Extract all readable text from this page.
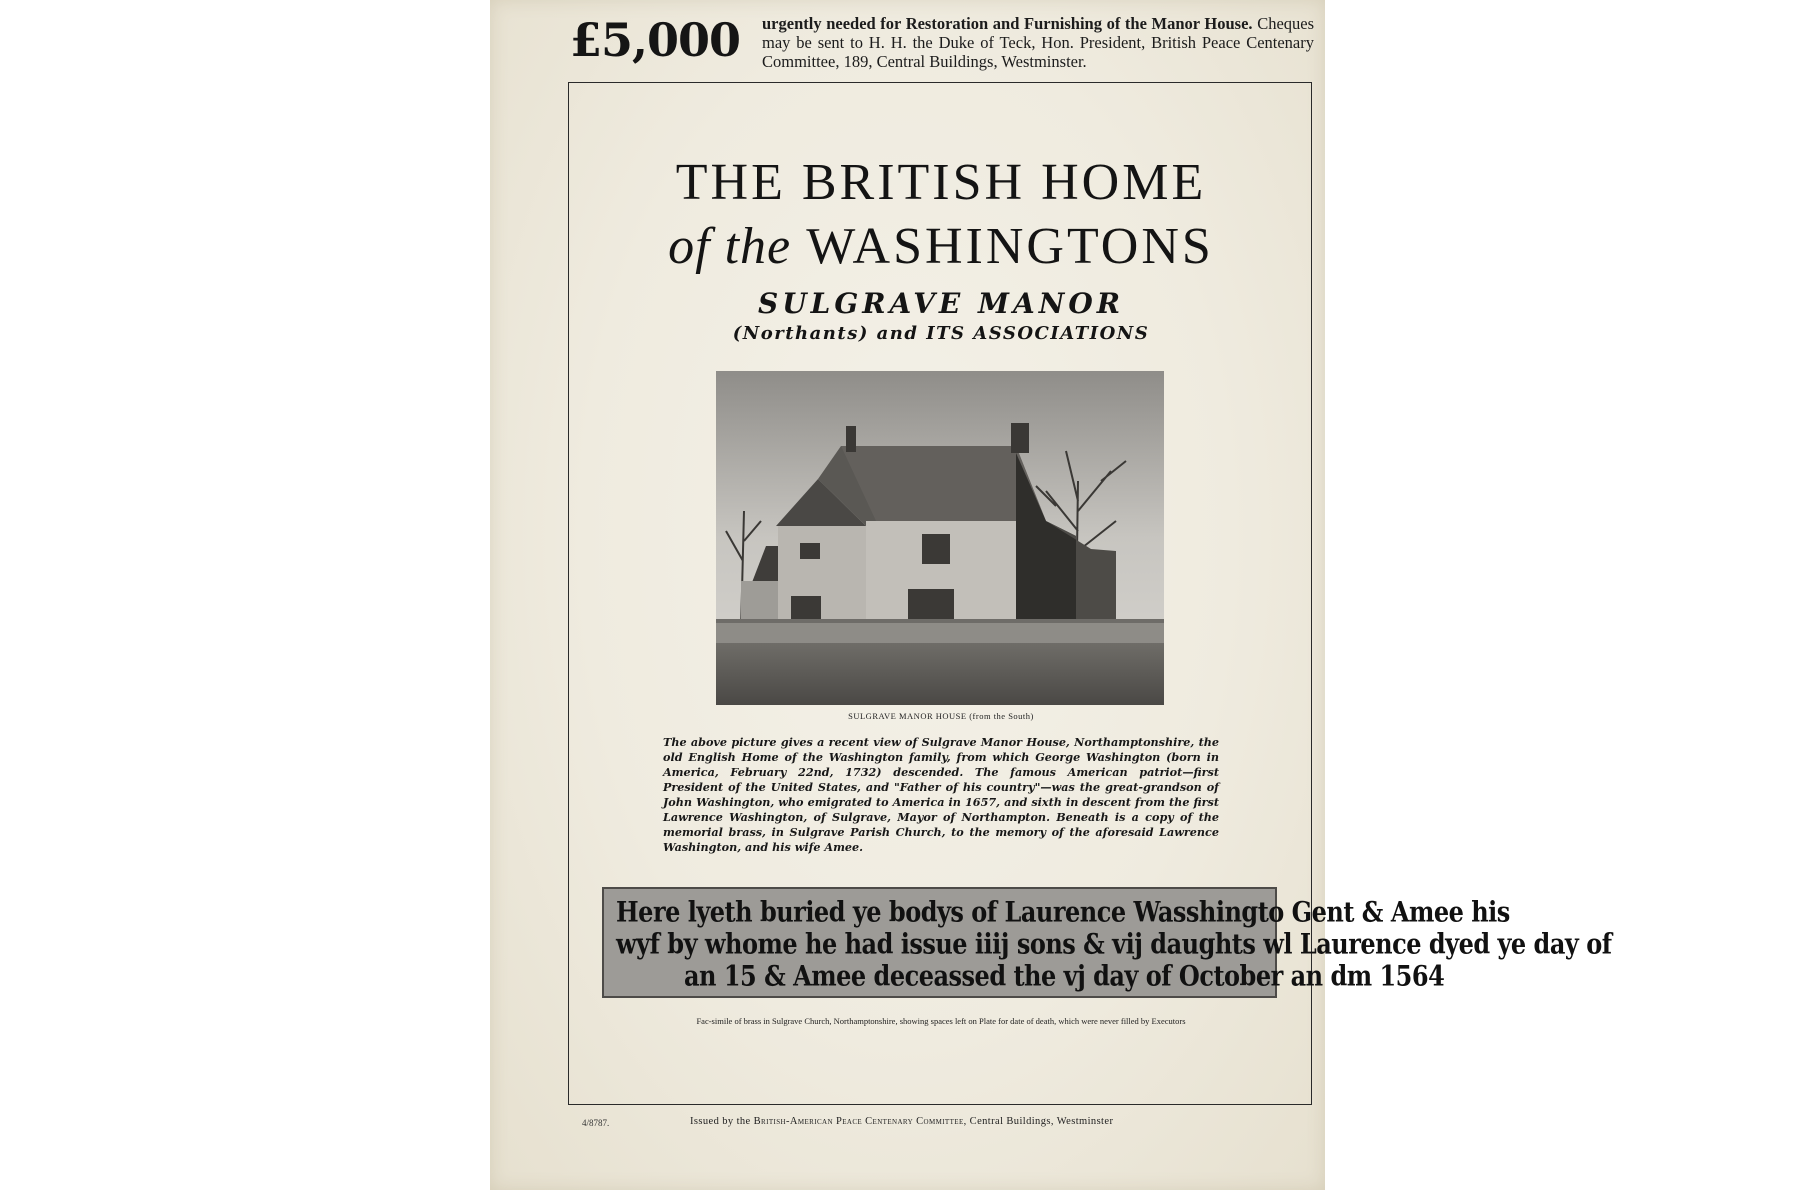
£5,000 urgently needed for Restoration and Furnishing of the Manor House. Cheques may be sent to H. H. the Duke of Teck, Hon. President, British Peace Centenary Committee, 189, Central Buildings, Westminster.
THE BRITISH HOME
of the WASHINGTONS
SULGRAVE MANOR
(Northants) and ITS ASSOCIATIONS
SULGRAVE MANOR HOUSE (from the South)
The above picture gives a recent view of Sulgrave Manor House, Northamptonshire, the old English Home of the Washington family, from which George Washington (born in America, February 22nd, 1732) descended. The famous American patriot—first President of the United States, and "Father of his country"—was the great-grandson of John Washington, who emigrated to America in 1657, and sixth in descent from the first Lawrence Washington, of Sulgrave, Mayor of Northampton. Beneath is a copy of the memorial brass, in Sulgrave Parish Church, to the memory of the aforesaid Lawrence Washington, and his wife Amee.
Here lyeth buried ye bodys of Laurence Wasshingto Gent & Amee his
wyf by whome he had issue iiij sons & vij daughts wl Laurence dyed ye day of
an 15 & Amee deceassed the vj day of October an dm 1564
Fac-simile of brass in Sulgrave Church, Northamptonshire, showing spaces left on Plate for date of death, which were never filled by Executors
4/8787.	Issued by the British-American Peace Centenary Committee, Central Buildings, Westminster
